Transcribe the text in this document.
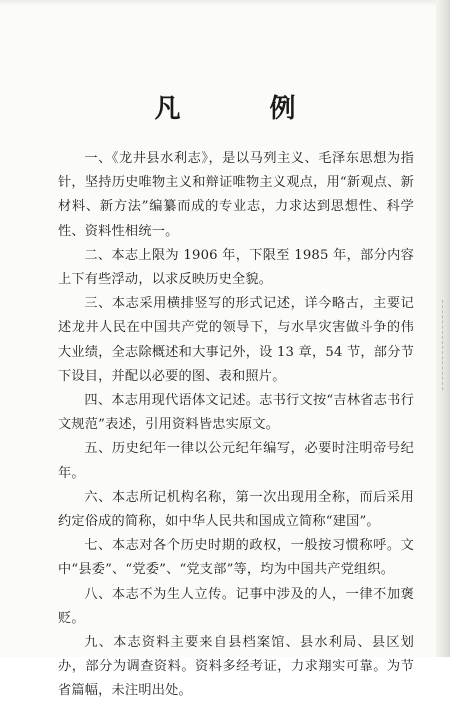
凡 例

一、《龙井县水利志》，是以马列主义、毛泽东思想为指针，坚持历史唯物主义和辩证唯物主义观点，用“新观点、新材料、新方法”编纂而成的专业志，力求达到思想性、科学性、资料性相统一。

二、本志上限为 1906 年，下限至 1985 年，部分内容上下有些浮动，以求反映历史全貌。

三、本志采用横排竖写的形式记述，详今略古，主要记述龙井人民在中国共产党的领导下，与水旱灾害做斗争的伟大业绩，全志除概述和大事记外，设 13 章，54 节，部分节下设目，并配以必要的图、表和照片。

四、本志用现代语体文记述。志书行文按“吉林省志书行文规范”表述，引用资料皆忠实原文。

五、历史纪年一律以公元纪年编写，必要时注明帝号纪年。

六、本志所记机构名称，第一次出现用全称，而后采用约定俗成的简称，如中华人民共和国成立简称“建国”。

七、本志对各个历史时期的政权，一般按习惯称呼。文中“县委”、“党委”、“党支部”等，均为中国共产党组织。

八、本志不为生人立传。记事中涉及的人，一律不加褒贬。

九、本志资料主要来自县档案馆、县水利局、县区划办，部分为调查资料。资料多经考证，力求翔实可靠。为节省篇幅，未注明出处。
